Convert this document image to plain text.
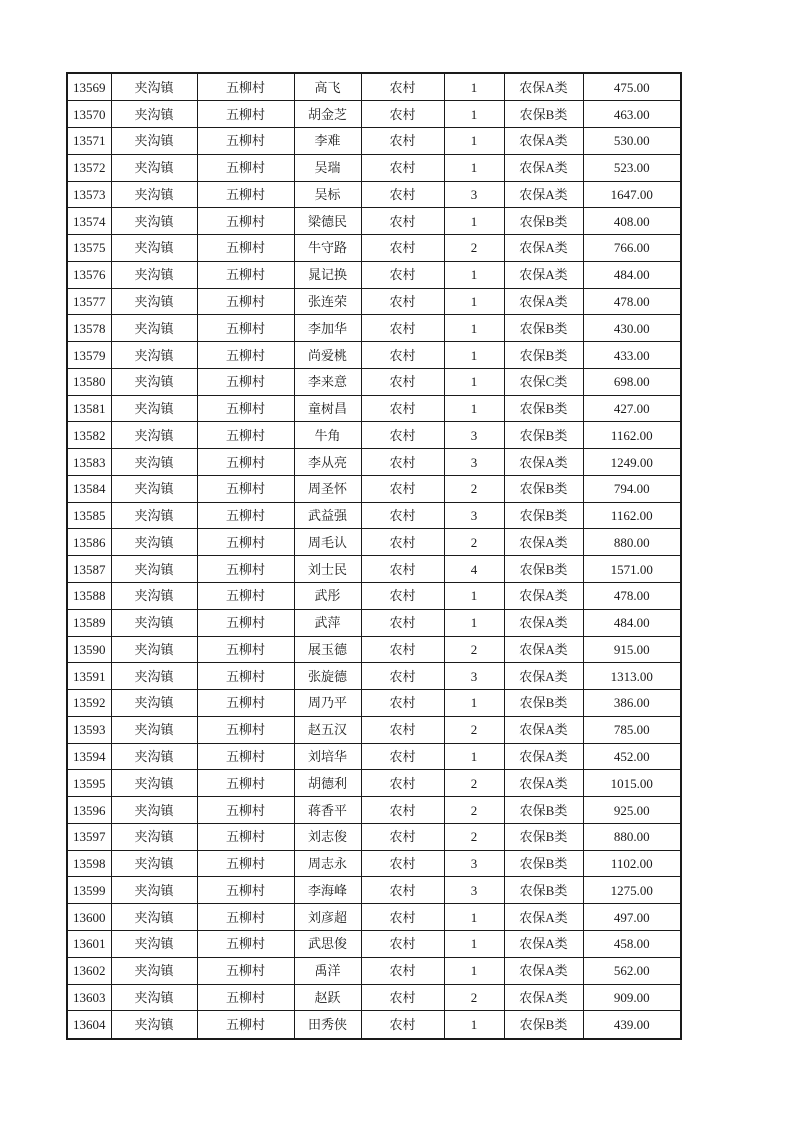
13569	夹沟镇	五柳村	高飞	农村	1	农保A类	475.00
13570	夹沟镇	五柳村	胡金芝	农村	1	农保B类	463.00
13571	夹沟镇	五柳村	李难	农村	1	农保A类	530.00
13572	夹沟镇	五柳村	吴瑞	农村	1	农保A类	523.00
13573	夹沟镇	五柳村	吴标	农村	3	农保A类	1647.00
13574	夹沟镇	五柳村	梁德民	农村	1	农保B类	408.00
13575	夹沟镇	五柳村	牛守路	农村	2	农保A类	766.00
13576	夹沟镇	五柳村	晁记换	农村	1	农保A类	484.00
13577	夹沟镇	五柳村	张连荣	农村	1	农保A类	478.00
13578	夹沟镇	五柳村	李加华	农村	1	农保B类	430.00
13579	夹沟镇	五柳村	尚爱桃	农村	1	农保B类	433.00
13580	夹沟镇	五柳村	李来意	农村	1	农保C类	698.00
13581	夹沟镇	五柳村	童树昌	农村	1	农保B类	427.00
13582	夹沟镇	五柳村	牛角	农村	3	农保B类	1162.00
13583	夹沟镇	五柳村	李从亮	农村	3	农保A类	1249.00
13584	夹沟镇	五柳村	周圣怀	农村	2	农保B类	794.00
13585	夹沟镇	五柳村	武益强	农村	3	农保B类	1162.00
13586	夹沟镇	五柳村	周毛认	农村	2	农保A类	880.00
13587	夹沟镇	五柳村	刘士民	农村	4	农保B类	1571.00
13588	夹沟镇	五柳村	武彤	农村	1	农保A类	478.00
13589	夹沟镇	五柳村	武萍	农村	1	农保A类	484.00
13590	夹沟镇	五柳村	展玉德	农村	2	农保A类	915.00
13591	夹沟镇	五柳村	张旋德	农村	3	农保A类	1313.00
13592	夹沟镇	五柳村	周乃平	农村	1	农保B类	386.00
13593	夹沟镇	五柳村	赵五汉	农村	2	农保A类	785.00
13594	夹沟镇	五柳村	刘培华	农村	1	农保A类	452.00
13595	夹沟镇	五柳村	胡德利	农村	2	农保A类	1015.00
13596	夹沟镇	五柳村	蒋香平	农村	2	农保B类	925.00
13597	夹沟镇	五柳村	刘志俊	农村	2	农保B类	880.00
13598	夹沟镇	五柳村	周志永	农村	3	农保B类	1102.00
13599	夹沟镇	五柳村	李海峰	农村	3	农保B类	1275.00
13600	夹沟镇	五柳村	刘彦超	农村	1	农保A类	497.00
13601	夹沟镇	五柳村	武思俊	农村	1	农保A类	458.00
13602	夹沟镇	五柳村	禹洋	农村	1	农保A类	562.00
13603	夹沟镇	五柳村	赵跃	农村	2	农保A类	909.00
13604	夹沟镇	五柳村	田秀侠	农村	1	农保B类	439.00
